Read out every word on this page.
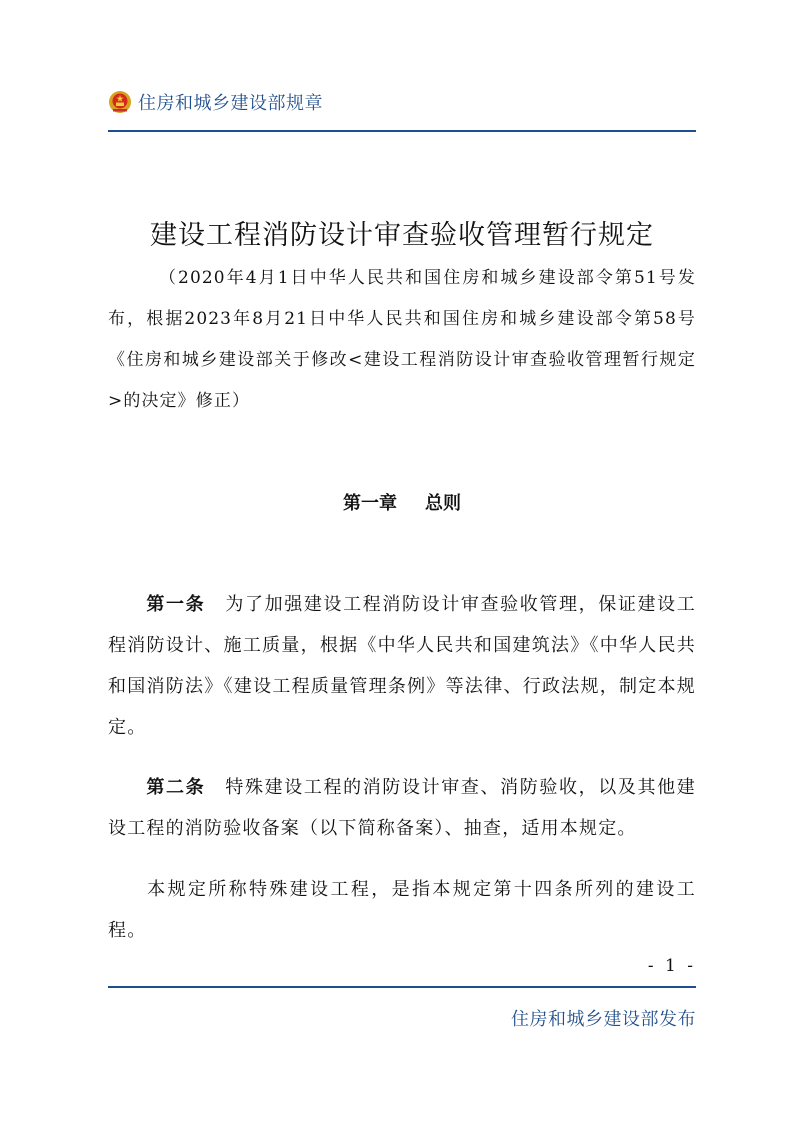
住房和城乡建设部规章
建设工程消防设计审查验收管理暂行规定
（2020年4月1日中华人民共和国住房和城乡建设部令第51号发布，根据2023年8月21日中华人民共和国住房和城乡建设部令第58号《住房和城乡建设部关于修改<建设工程消防设计审查验收管理暂行规定>的决定》修正）
第一章 总则
第一条 为了加强建设工程消防设计审查验收管理，保证建设工程消防设计、施工质量，根据《中华人民共和国建筑法》《中华人民共和国消防法》《建设工程质量管理条例》等法律、行政法规，制定本规定。
第二条 特殊建设工程的消防设计审查、消防验收，以及其他建设工程的消防验收备案（以下简称备案）、抽查，适用本规定。
本规定所称特殊建设工程，是指本规定第十四条所列的建设工程。
- 1 -
住房和城乡建设部发布
